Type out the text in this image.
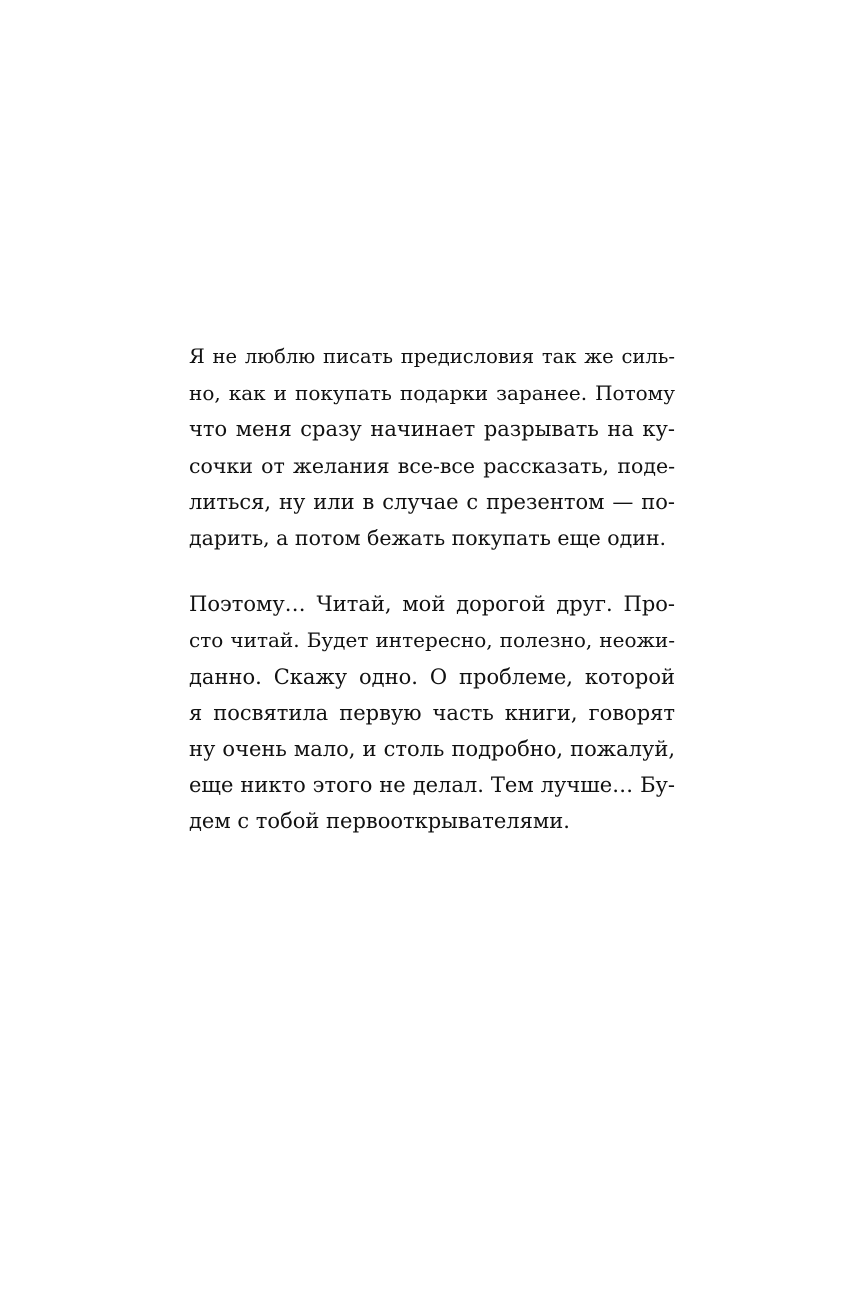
Я не люблю писать предисловия так же силь-
но, как и покупать подарки заранее. Потому
что меня сразу начинает разрывать на ку-
сочки от желания все-все рассказать, поде-
литься, ну или в случае с презентом — по-
дарить, а потом бежать покупать еще один.

Поэтому… Читай, мой дорогой друг. Про-
сто читай. Будет интересно, полезно, неожи-
данно. Скажу одно. О проблеме, которой
я посвятила первую часть книги, говорят
ну очень мало, и столь подробно, пожалуй,
еще никто этого не делал. Тем лучше… Бу-
дем с тобой первооткрывателями.
